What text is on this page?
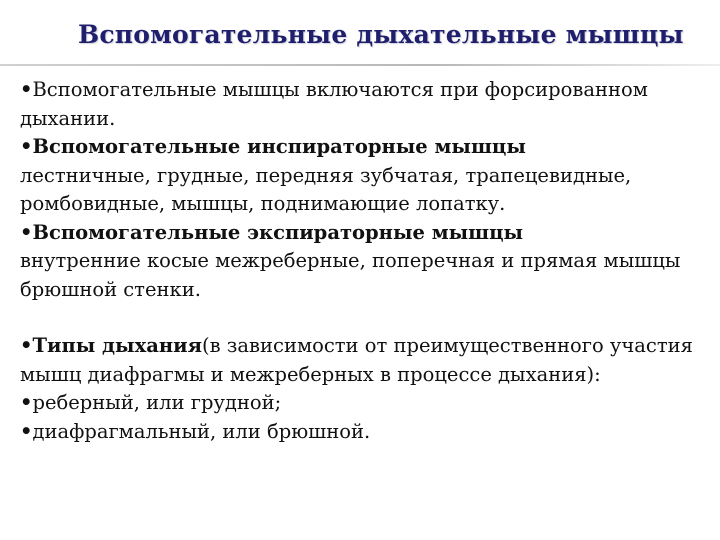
Вспомогательные дыхательные мышцы

•Вспомогательные мышцы включаются при форсированном дыхании.

•Вспомогательные инспираторные мышцы
лестничные, грудные, передняя зубчатая, трапецевидные, ромбовидные, мышцы, поднимающие лопатку.

•Вспомогательные экспираторные мышцы
внутренние косые межреберные, поперечная и прямая мышцы брюшной стенки.

•Типы дыхания(в зависимости от преимущественного участия мышц диафрагмы и межреберных в процессе дыхания):

•реберный, или грудной;

•диафрагмальный, или брюшной.
